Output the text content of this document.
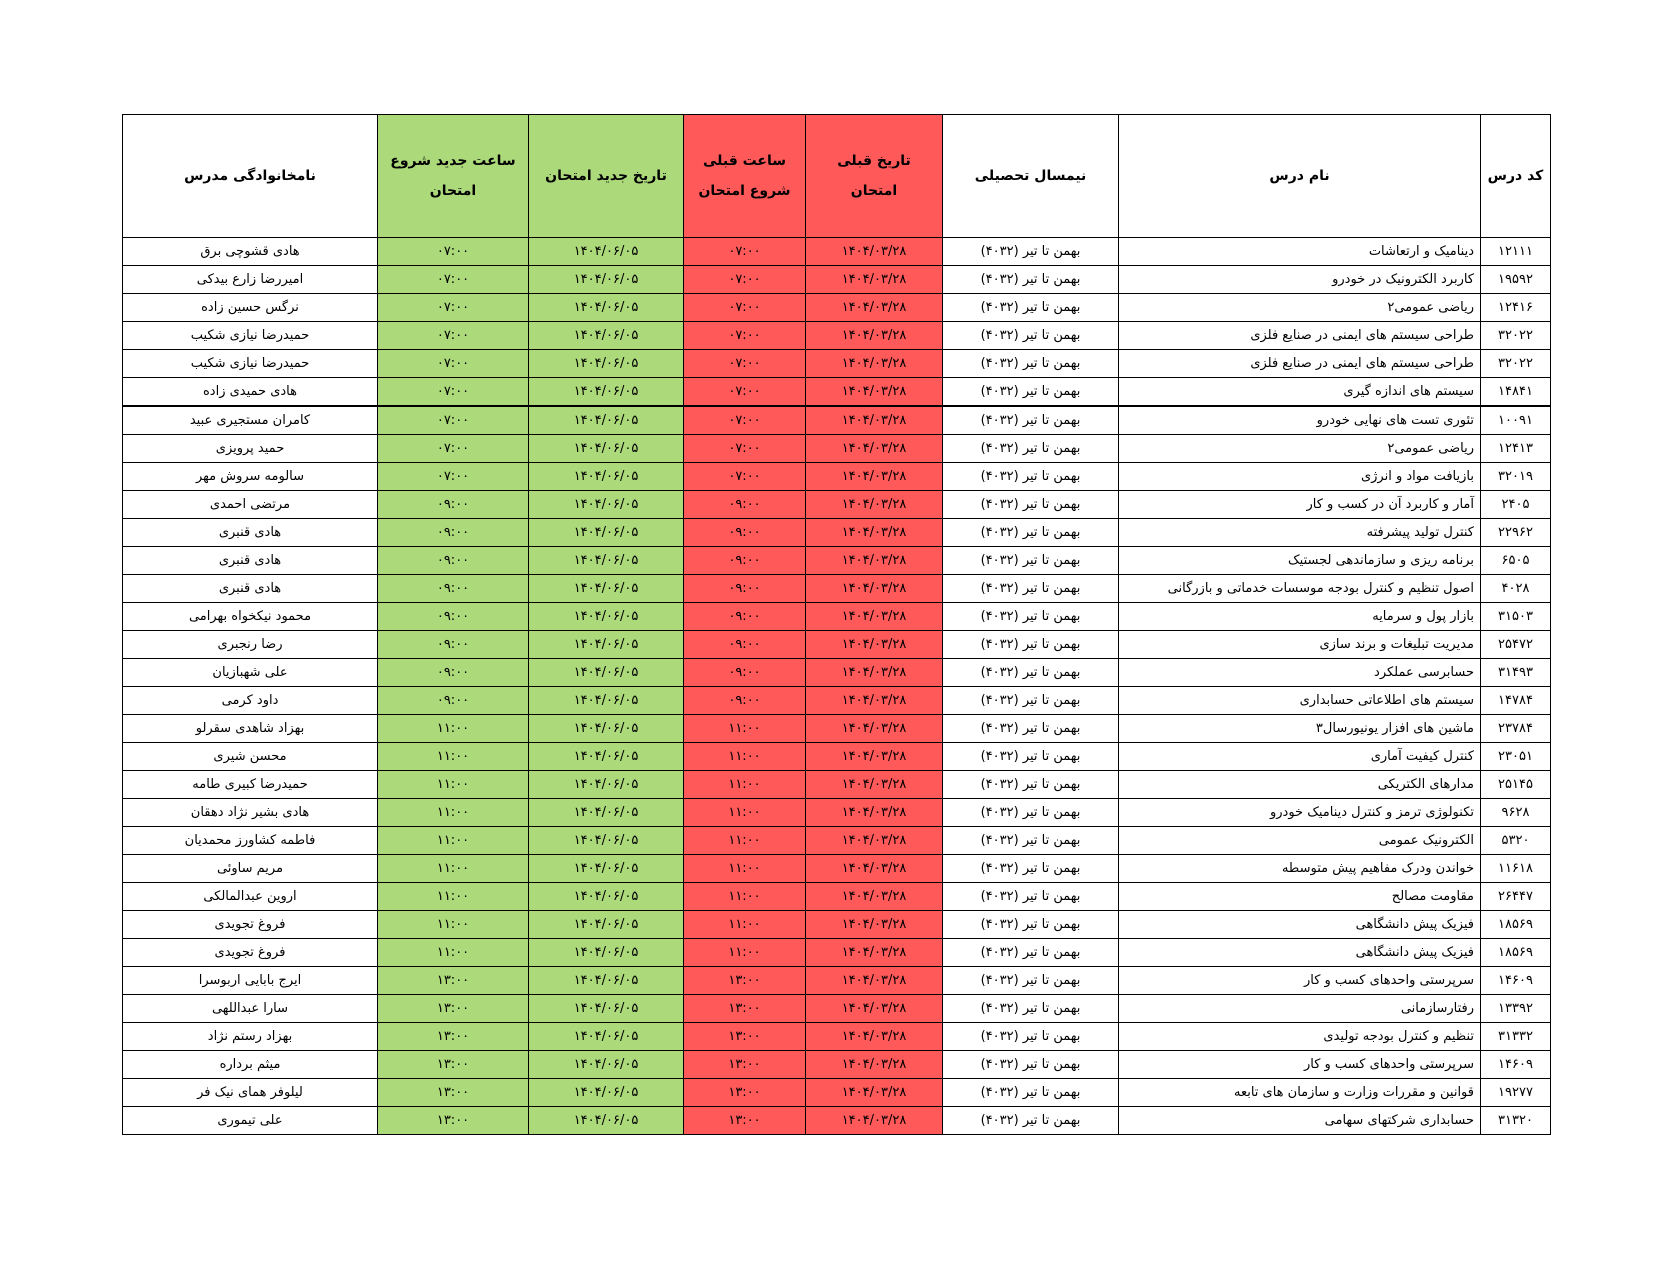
کد درس	نام درس	نیمسال تحصیلی	تاریخ قبلی امتحان	ساعت قبلی شروع امتحان	تاریخ جدید امتحان	ساعت جدید شروع امتحان	نامخانوادگی مدرس
۱۲۱۱۱	دینامیک و ارتعاشات	بهمن تا تیر (۴۰۳۲)	۱۴۰۴/۰۳/۲۸	۰۷:۰۰	۱۴۰۴/۰۶/۰۵	۰۷:۰۰	هادی قشوچی برق
۱۹۵۹۲	کاربرد الکترونیک در خودرو	بهمن تا تیر (۴۰۳۲)	۱۴۰۴/۰۳/۲۸	۰۷:۰۰	۱۴۰۴/۰۶/۰۵	۰۷:۰۰	امیررضا زارع بیدکی
۱۲۴۱۶	ریاضی عمومی۲	بهمن تا تیر (۴۰۳۲)	۱۴۰۴/۰۳/۲۸	۰۷:۰۰	۱۴۰۴/۰۶/۰۵	۰۷:۰۰	نرگس حسین زاده
۳۲۰۲۲	طراحی سیستم های ایمنی در صنایع فلزی	بهمن تا تیر (۴۰۳۲)	۱۴۰۴/۰۳/۲۸	۰۷:۰۰	۱۴۰۴/۰۶/۰۵	۰۷:۰۰	حمیدرضا نیازی شکیب
۳۲۰۲۲	طراحی سیستم های ایمنی در صنایع فلزی	بهمن تا تیر (۴۰۳۲)	۱۴۰۴/۰۳/۲۸	۰۷:۰۰	۱۴۰۴/۰۶/۰۵	۰۷:۰۰	حمیدرضا نیازی شکیب
۱۴۸۴۱	سیستم های اندازه گیری	بهمن تا تیر (۴۰۳۲)	۱۴۰۴/۰۳/۲۸	۰۷:۰۰	۱۴۰۴/۰۶/۰۵	۰۷:۰۰	هادی حمیدی زاده
۱۰۰۹۱	تئوری تست های نهایی خودرو	بهمن تا تیر (۴۰۳۲)	۱۴۰۴/۰۳/۲۸	۰۷:۰۰	۱۴۰۴/۰۶/۰۵	۰۷:۰۰	کامران مستجیری عبید
۱۲۴۱۳	ریاضی عمومی۲	بهمن تا تیر (۴۰۳۲)	۱۴۰۴/۰۳/۲۸	۰۷:۰۰	۱۴۰۴/۰۶/۰۵	۰۷:۰۰	حمید پرویزی
۳۲۰۱۹	بازیافت مواد و انرژی	بهمن تا تیر (۴۰۳۲)	۱۴۰۴/۰۳/۲۸	۰۷:۰۰	۱۴۰۴/۰۶/۰۵	۰۷:۰۰	سالومه سروش مهر
۲۴۰۵	آمار و کاربرد آن در کسب و کار	بهمن تا تیر (۴۰۳۲)	۱۴۰۴/۰۳/۲۸	۰۹:۰۰	۱۴۰۴/۰۶/۰۵	۰۹:۰۰	مرتضی احمدی
۲۲۹۶۲	کنترل تولید پیشرفته	بهمن تا تیر (۴۰۳۲)	۱۴۰۴/۰۳/۲۸	۰۹:۰۰	۱۴۰۴/۰۶/۰۵	۰۹:۰۰	هادی قنبری
۶۵۰۵	برنامه ریزی و سازماندهی لجستیک	بهمن تا تیر (۴۰۳۲)	۱۴۰۴/۰۳/۲۸	۰۹:۰۰	۱۴۰۴/۰۶/۰۵	۰۹:۰۰	هادی قنبری
۴۰۲۸	اصول تنظیم و کنترل بودجه موسسات خدماتی و بازرگانی	بهمن تا تیر (۴۰۳۲)	۱۴۰۴/۰۳/۲۸	۰۹:۰۰	۱۴۰۴/۰۶/۰۵	۰۹:۰۰	هادی قنبری
۳۱۵۰۳	بازار پول و سرمایه	بهمن تا تیر (۴۰۳۲)	۱۴۰۴/۰۳/۲۸	۰۹:۰۰	۱۴۰۴/۰۶/۰۵	۰۹:۰۰	محمود نیکخواه بهرامی
۲۵۴۷۲	مدیریت تبلیغات و برند سازی	بهمن تا تیر (۴۰۳۲)	۱۴۰۴/۰۳/۲۸	۰۹:۰۰	۱۴۰۴/۰۶/۰۵	۰۹:۰۰	رضا رنجبری
۳۱۴۹۳	حسابرسی عملکرد	بهمن تا تیر (۴۰۳۲)	۱۴۰۴/۰۳/۲۸	۰۹:۰۰	۱۴۰۴/۰۶/۰۵	۰۹:۰۰	علی شهبازیان
۱۴۷۸۴	سیستم های اطلاعاتی حسابداری	بهمن تا تیر (۴۰۳۲)	۱۴۰۴/۰۳/۲۸	۰۹:۰۰	۱۴۰۴/۰۶/۰۵	۰۹:۰۰	داود کرمی
۲۳۷۸۴	ماشین های افزار یونیورسال۳	بهمن تا تیر (۴۰۳۲)	۱۴۰۴/۰۳/۲۸	۱۱:۰۰	۱۴۰۴/۰۶/۰۵	۱۱:۰۰	بهزاد شاهدی سقرلو
۲۳۰۵۱	کنترل کیفیت آماری	بهمن تا تیر (۴۰۳۲)	۱۴۰۴/۰۳/۲۸	۱۱:۰۰	۱۴۰۴/۰۶/۰۵	۱۱:۰۰	محسن شیری
۲۵۱۴۵	مدارهای الکتریکی	بهمن تا تیر (۴۰۳۲)	۱۴۰۴/۰۳/۲۸	۱۱:۰۰	۱۴۰۴/۰۶/۰۵	۱۱:۰۰	حمیدرضا کبیری طامه
۹۶۲۸	تکنولوژی ترمز و کنترل دینامیک خودرو	بهمن تا تیر (۴۰۳۲)	۱۴۰۴/۰۳/۲۸	۱۱:۰۰	۱۴۰۴/۰۶/۰۵	۱۱:۰۰	هادی بشیر نژاد دهقان
۵۳۲۰	الکترونیک عمومی	بهمن تا تیر (۴۰۳۲)	۱۴۰۴/۰۳/۲۸	۱۱:۰۰	۱۴۰۴/۰۶/۰۵	۱۱:۰۰	فاطمه کشاورز محمدیان
۱۱۶۱۸	خواندن ودرک مفاهیم پیش متوسطه	بهمن تا تیر (۴۰۳۲)	۱۴۰۴/۰۳/۲۸	۱۱:۰۰	۱۴۰۴/۰۶/۰۵	۱۱:۰۰	مریم ساوئی
۲۶۴۴۷	مقاومت مصالح	بهمن تا تیر (۴۰۳۲)	۱۴۰۴/۰۳/۲۸	۱۱:۰۰	۱۴۰۴/۰۶/۰۵	۱۱:۰۰	اروین عبدالمالکی
۱۸۵۶۹	فیزیک پیش دانشگاهی	بهمن تا تیر (۴۰۳۲)	۱۴۰۴/۰۳/۲۸	۱۱:۰۰	۱۴۰۴/۰۶/۰۵	۱۱:۰۰	فروغ تجویدی
۱۸۵۶۹	فیزیک پیش دانشگاهی	بهمن تا تیر (۴۰۳۲)	۱۴۰۴/۰۳/۲۸	۱۱:۰۰	۱۴۰۴/۰۶/۰۵	۱۱:۰۰	فروغ تجویدی
۱۴۶۰۹	سرپرستی واحدهای کسب و کار	بهمن تا تیر (۴۰۳۲)	۱۴۰۴/۰۳/۲۸	۱۳:۰۰	۱۴۰۴/۰۶/۰۵	۱۳:۰۰	ایرج بابایی اربوسرا
۱۳۳۹۲	رفتارسازمانی	بهمن تا تیر (۴۰۳۲)	۱۴۰۴/۰۳/۲۸	۱۳:۰۰	۱۴۰۴/۰۶/۰۵	۱۳:۰۰	سارا عبداللهی
۳۱۳۳۲	تنظیم و کنترل بودجه تولیدی	بهمن تا تیر (۴۰۳۲)	۱۴۰۴/۰۳/۲۸	۱۳:۰۰	۱۴۰۴/۰۶/۰۵	۱۳:۰۰	بهزاد رستم نژاد
۱۴۶۰۹	سرپرستی واحدهای کسب و کار	بهمن تا تیر (۴۰۳۲)	۱۴۰۴/۰۳/۲۸	۱۳:۰۰	۱۴۰۴/۰۶/۰۵	۱۳:۰۰	میثم برداره
۱۹۲۷۷	قوانین و مقررات وزارت و سازمان های تابعه	بهمن تا تیر (۴۰۳۲)	۱۴۰۴/۰۳/۲۸	۱۳:۰۰	۱۴۰۴/۰۶/۰۵	۱۳:۰۰	لیلوفر همای نیک فر
۳۱۳۲۰	حسابداری شرکتهای سهامی	بهمن تا تیر (۴۰۳۲)	۱۴۰۴/۰۳/۲۸	۱۳:۰۰	۱۴۰۴/۰۶/۰۵	۱۳:۰۰	علی تیموری
